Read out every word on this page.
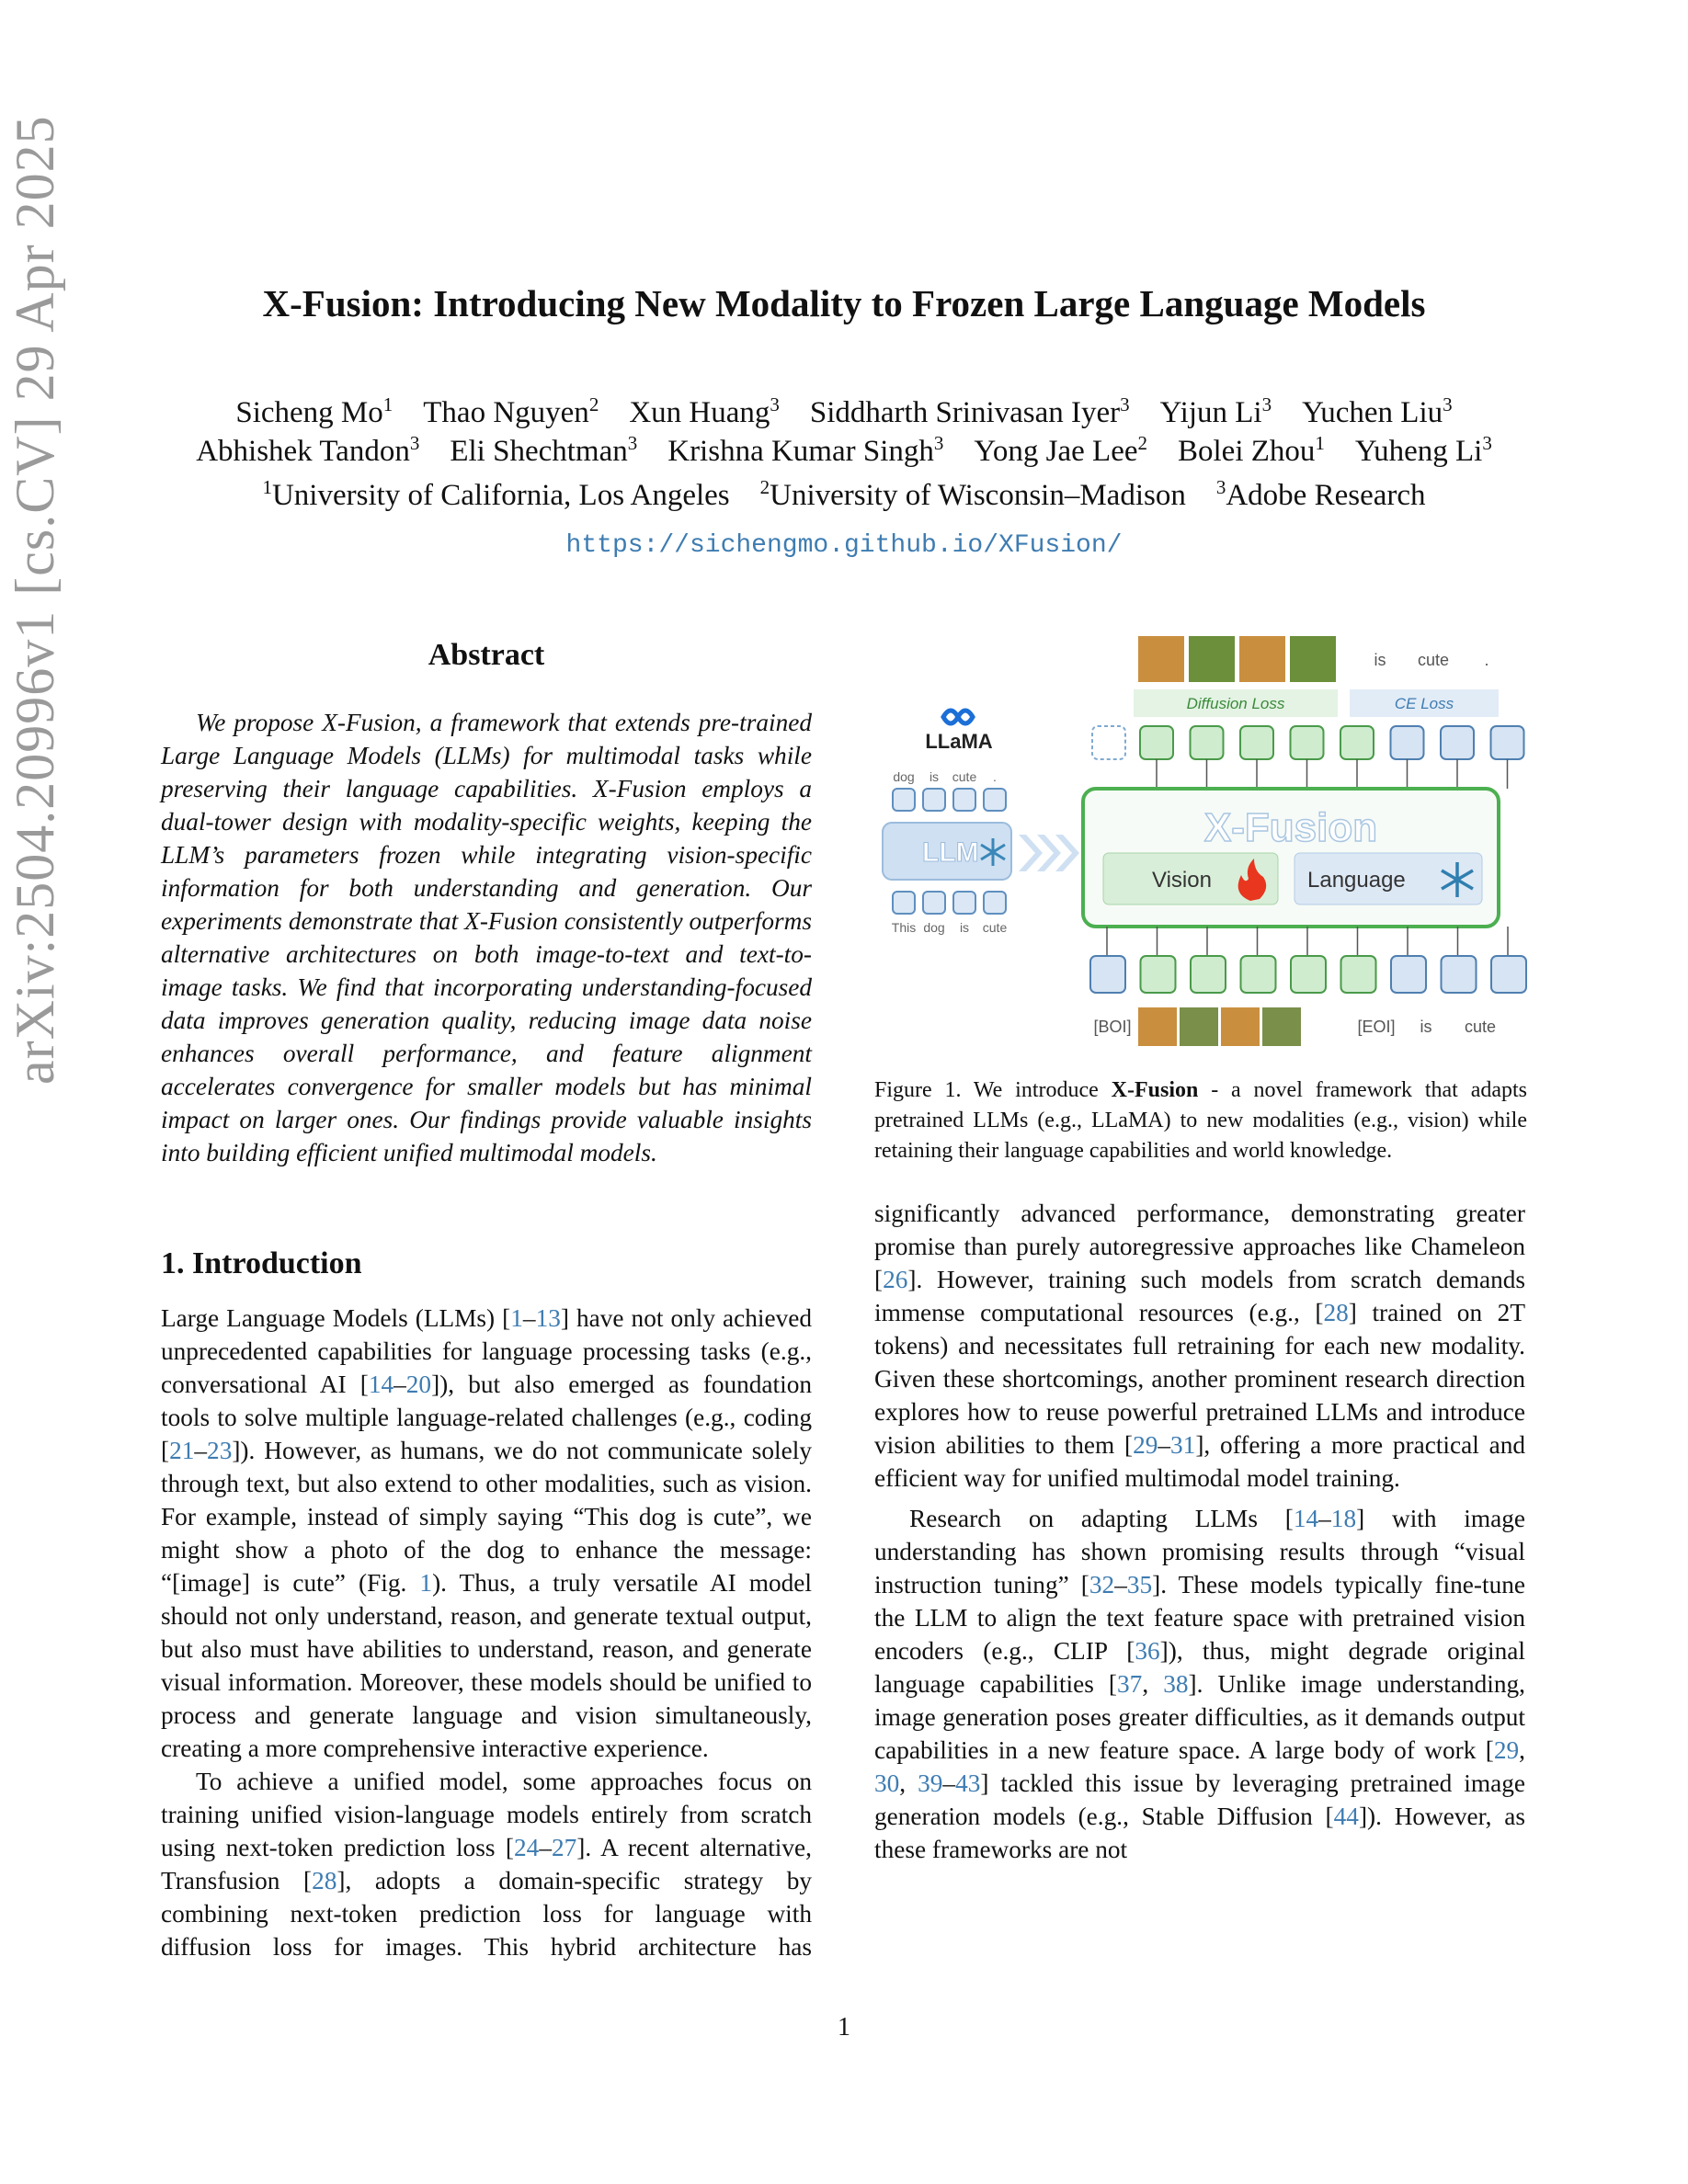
arXiv:2504.20996v1 [cs.CV] 29 Apr 2025	X-Fusion: Introducing New Modality to Frozen Large Language Models
Sicheng Mo$^1$  Thao Nguyen$^2$  Xun Huang$^3$  Siddharth Srinivasan Iyer$^3$  Yijun Li$^3$  Yuchen Liu$^3$
Abhishek Tandon$^3$  Eli Shechtman$^3$  Krishna Kumar Singh$^3$  Yong Jae Lee$^2$  Bolei Zhou$^1$  Yuheng Li$^3$
$^1$University of California, Los Angeles  $^2$University of Wisconsin–Madison  $^3$Adobe Research
https://sichengmo.github.io/XFusion/
Abstract

We propose X-Fusion, a framework that extends pre-trained Large Language Models (LLMs) for multimodal tasks while preserving their language capabilities. X-Fusion employs a dual-tower design with modality-specific weights, keeping the LLM’s parameters frozen while integrating vision-specific information for both understanding and generation. Our experiments demonstrate that X-Fusion consistently outperforms alternative architectures on both image-to-text and text-to-image tasks. We find that incorporating understanding-focused data improves generation quality, reducing image data noise enhances overall performance, and feature alignment accelerates convergence for smaller models but has minimal impact on larger ones. Our findings provide valuable insights into building efficient unified multimodal models.

1. Introduction

Large Language Models (LLMs) [1–13] have not only achieved unprecedented capabilities for language processing tasks (e.g., conversational AI [14–20]), but also emerged as foundation tools to solve multiple language-related challenges (e.g., coding [21–23]). However, as humans, we do not communicate solely through text, but also extend to other modalities, such as vision. For example, instead of simply saying “This dog is cute”, we might show a photo of the dog to enhance the message: “[image] is cute” (Fig. 1). Thus, a truly versatile AI model should not only understand, reason, and generate textual output, but also must have abilities to understand, reason, and generate visual information. Moreover, these models should be unified to process and generate language and vision simultaneously, creating a more comprehensive interactive experience.

To achieve a unified model, some approaches focus on training unified vision-language models entirely from scratch using next-token prediction loss [24–27]. A recent alternative, Transfusion [28], adopts a domain-specific strategy by combining next-token prediction loss for language with diffusion loss for images. This hybrid architecture has

significantly advanced performance, demonstrating greater promise than purely autoregressive approaches like Chameleon [26]. However, training such models from scratch demands immense computational resources (e.g., [28] trained on 2T tokens) and necessitates full retraining for each new modality. Given these shortcomings, another prominent research direction explores how to reuse powerful pretrained LLMs and introduce vision abilities to them [29–31], offering a more practical and efficient way for unified multimodal model training.

Research on adapting LLMs [14–18] with image understanding has shown promising results through “visual instruction tuning” [32–35]. These models typically fine-tune the LLM to align the text feature space with pretrained vision encoders (e.g., CLIP [36]), thus, might degrade original language capabilities [37, 38]. Unlike image understanding, image generation poses greater difficulties, as it demands output capabilities in a new feature space. A large body of work [29, 30, 39–43] tackled this issue by leveraging pretrained image generation models (e.g., Stable Diffusion [44]). However, as these frameworks are not

LLaMA
dog is cute .
LLM
This dog is cute
is cute .
Diffusion Loss	CE Loss
X-Fusion
Vision	Language
[BOI]	[EOI] is cute
Figure 1. We introduce X-Fusion - a novel framework that adapts pretrained LLMs (e.g., LLaMA) to new modalities (e.g., vision) while retaining their language capabilities and world knowledge.
1
